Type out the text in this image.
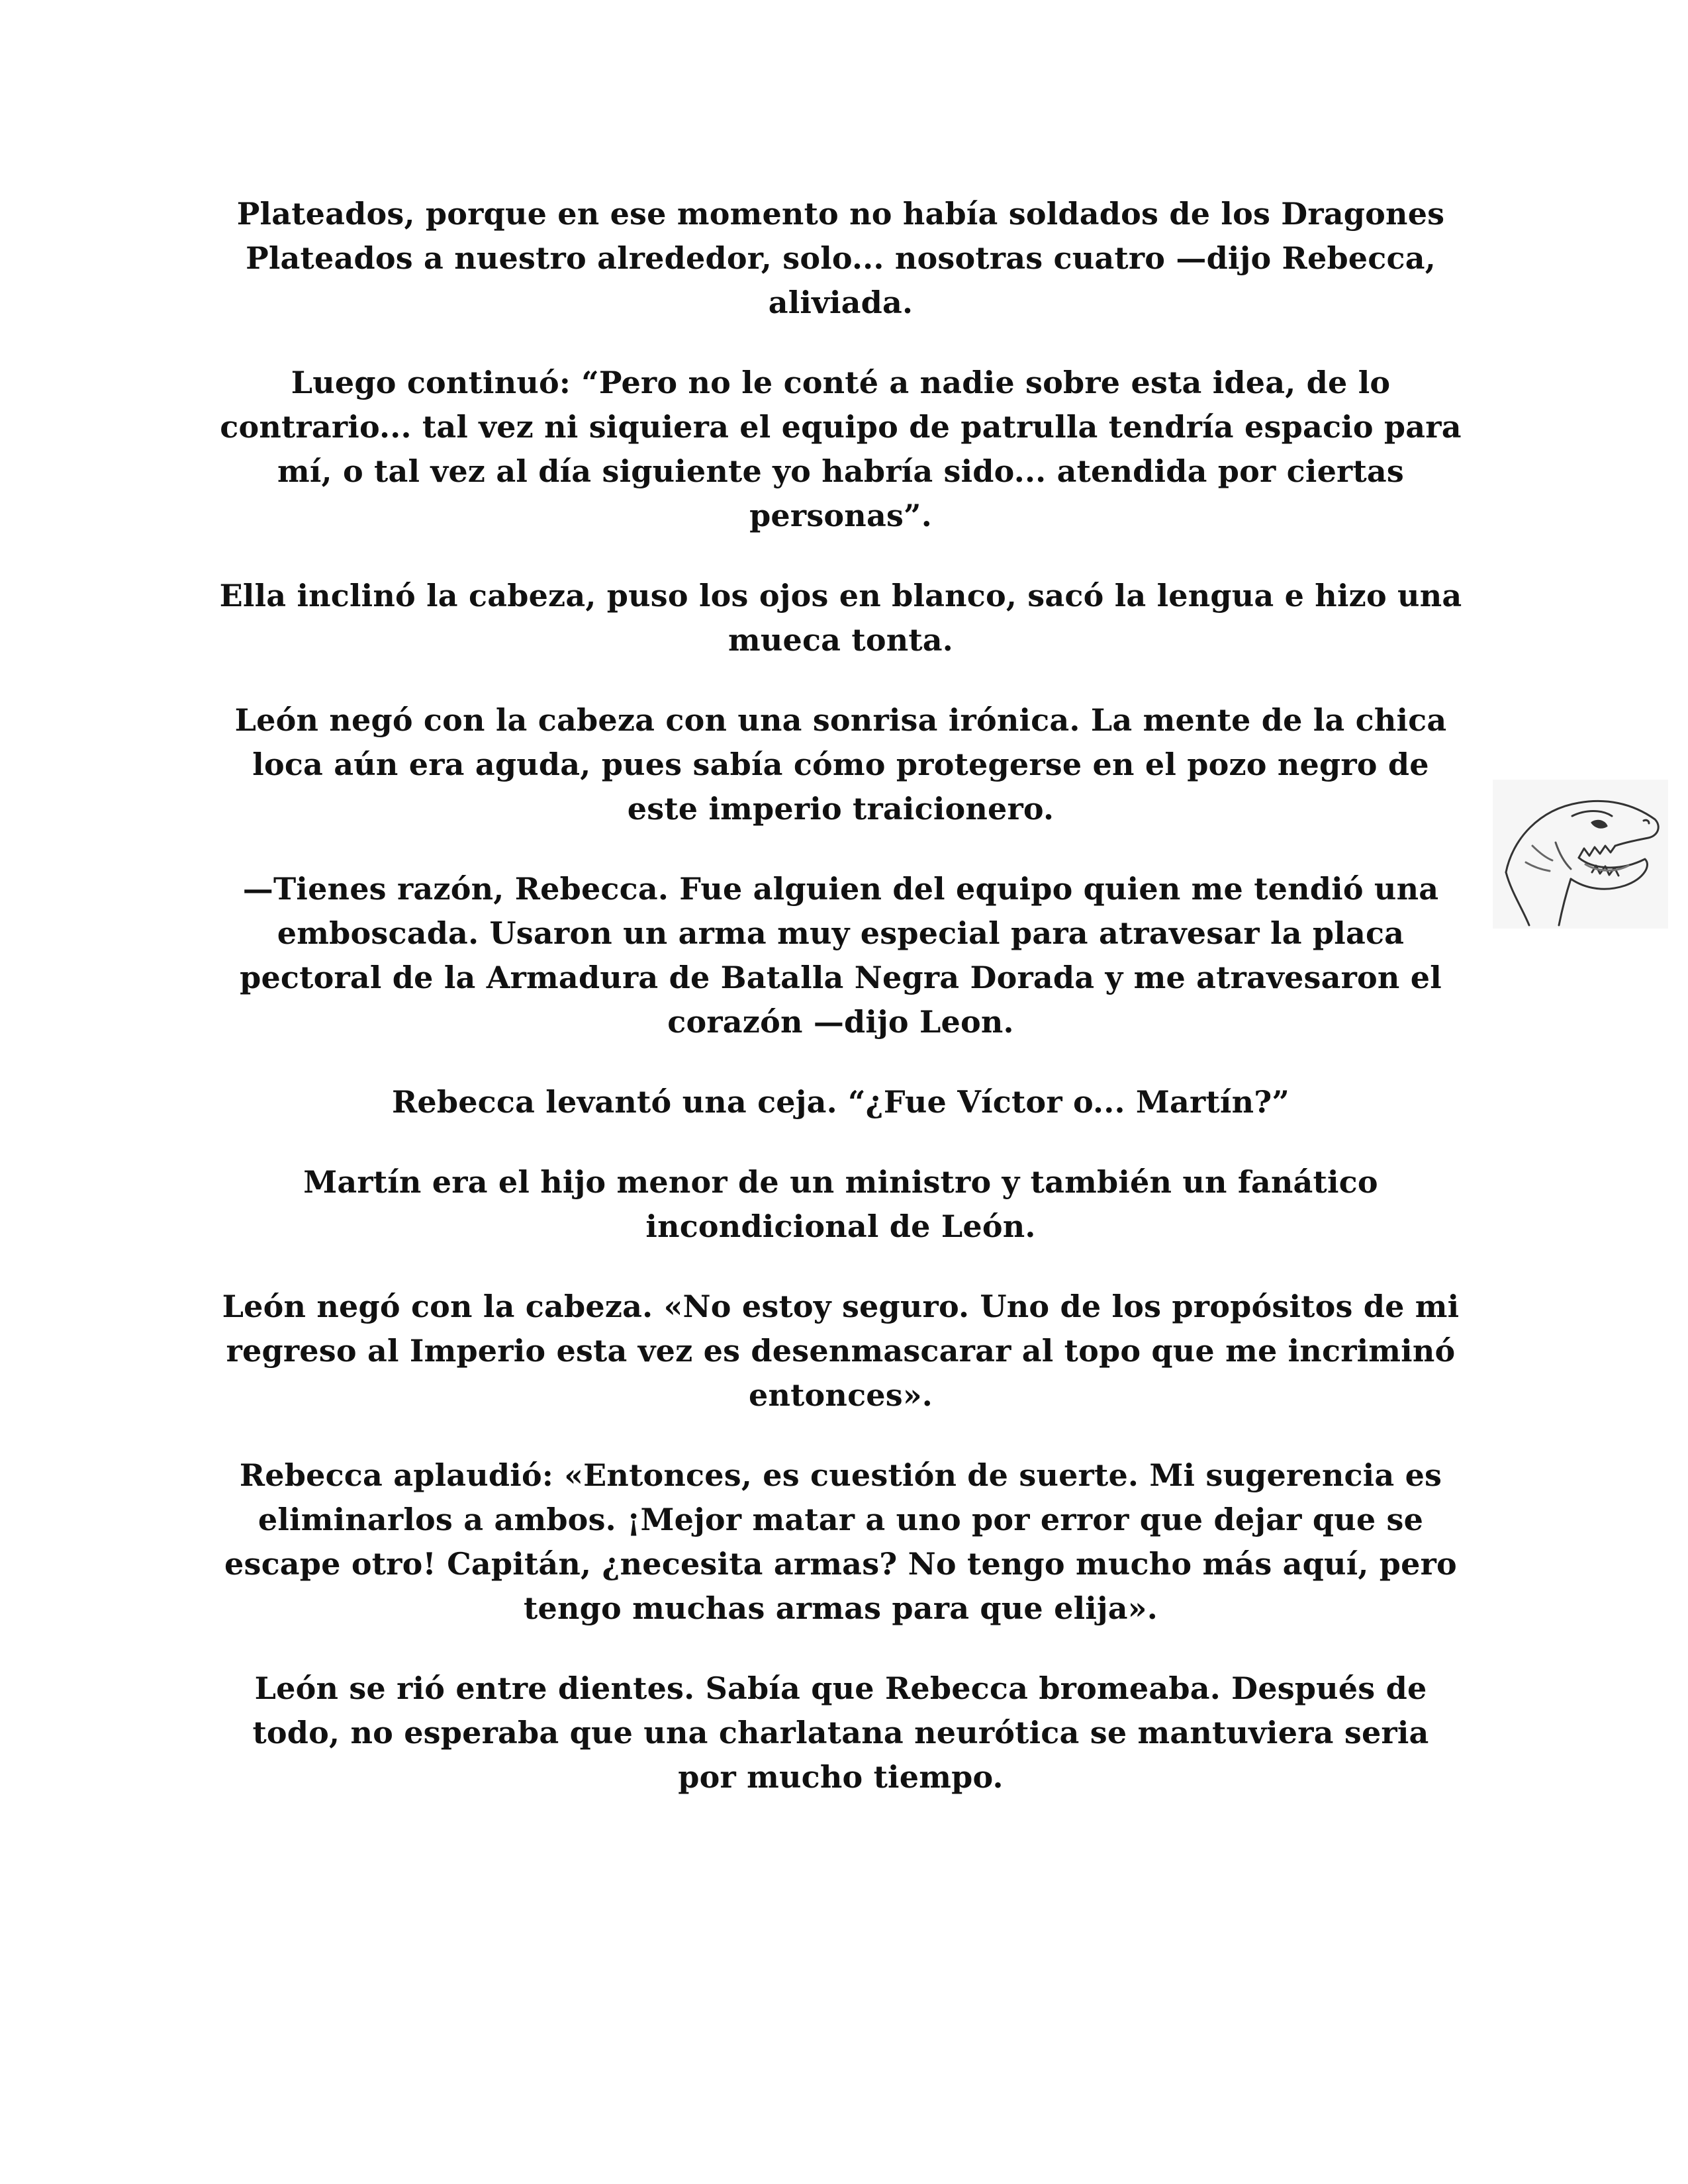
Plateados, porque en ese momento no había soldados de los Dragones Plateados a nuestro alrededor, solo... nosotras cuatro —dijo Rebecca, aliviada.

Luego continuó: “Pero no le conté a nadie sobre esta idea, de lo contrario... tal vez ni siquiera el equipo de patrulla tendría espacio para mí, o tal vez al día siguiente yo habría sido... atendida por ciertas personas”.

Ella inclinó la cabeza, puso los ojos en blanco, sacó la lengua e hizo una mueca tonta.

León negó con la cabeza con una sonrisa irónica. La mente de la chica loca aún era aguda, pues sabía cómo protegerse en el pozo negro de este imperio traicionero.

—Tienes razón, Rebecca. Fue alguien del equipo quien me tendió una emboscada. Usaron un arma muy especial para atravesar la placa pectoral de la Armadura de Batalla Negra Dorada y me atravesaron el corazón —dijo Leon.

Rebecca levantó una ceja. “¿Fue Víctor o... Martín?”

Martín era el hijo menor de un ministro y también un fanático incondicional de León.

León negó con la cabeza. «No estoy seguro. Uno de los propósitos de mi regreso al Imperio esta vez es desenmascarar al topo que me incriminó entonces».

Rebecca aplaudió: «Entonces, es cuestión de suerte. Mi sugerencia es eliminarlos a ambos. ¡Mejor matar a uno por error que dejar que se escape otro! Capitán, ¿necesita armas? No tengo mucho más aquí, pero tengo muchas armas para que elija».

León se rió entre dientes. Sabía que Rebecca bromeaba. Después de todo, no esperaba que una charlatana neurótica se mantuviera seria por mucho tiempo.
